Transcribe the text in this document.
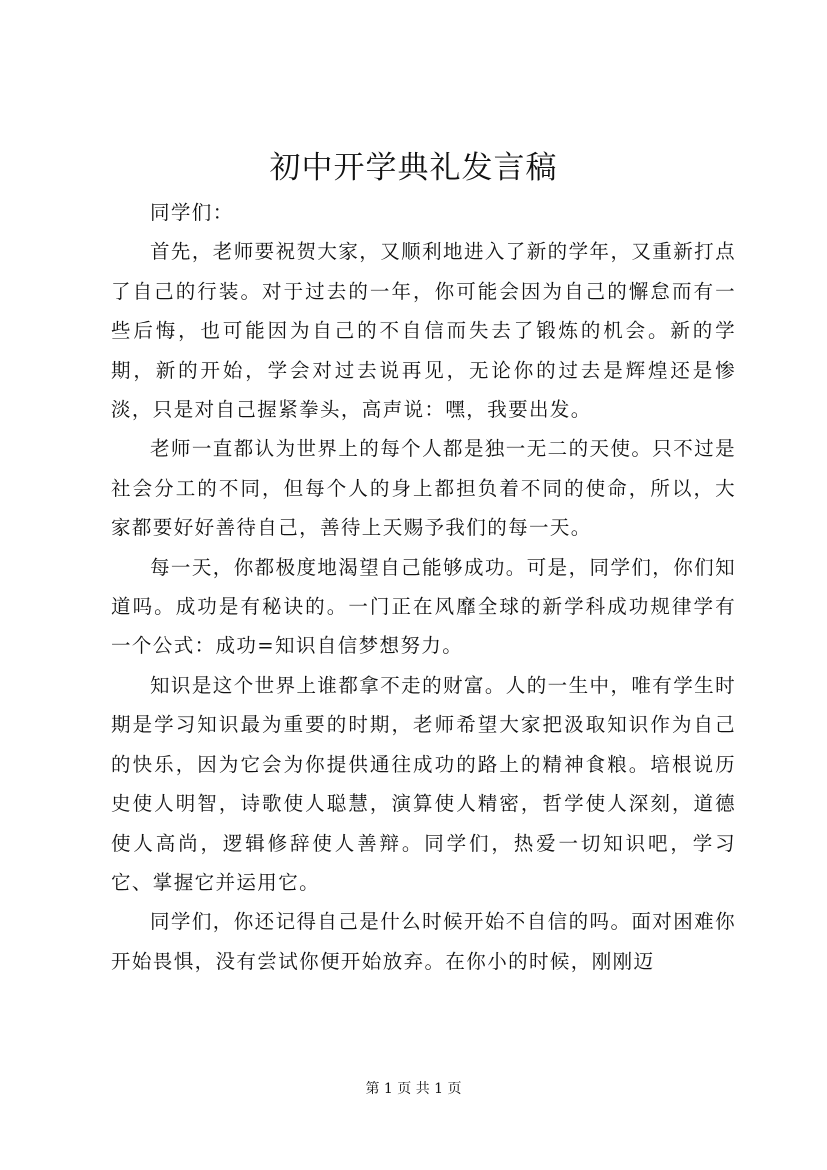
初中开学典礼发言稿

同学们：

首先，老师要祝贺大家，又顺利地进入了新的学年，又重新打点了自己的行装。对于过去的一年，你可能会因为自己的懈怠而有一些后悔，也可能因为自己的不自信而失去了锻炼的机会。新的学期，新的开始，学会对过去说再见，无论你的过去是辉煌还是惨淡，只是对自己握紧拳头，高声说：嘿，我要出发。

老师一直都认为世界上的每个人都是独一无二的天使。只不过是社会分工的不同，但每个人的身上都担负着不同的使命，所以，大家都要好好善待自己，善待上天赐予我们的每一天。

每一天，你都极度地渴望自己能够成功。可是，同学们，你们知道吗。成功是有秘诀的。一门正在风靡全球的新学科成功规律学有一个公式：成功=知识自信梦想努力。

知识是这个世界上谁都拿不走的财富。人的一生中，唯有学生时期是学习知识最为重要的时期，老师希望大家把汲取知识作为自己的快乐，因为它会为你提供通往成功的路上的精神食粮。培根说历史使人明智，诗歌使人聪慧，演算使人精密，哲学使人深刻，道德使人高尚，逻辑修辞使人善辩。同学们，热爱一切知识吧，学习它、掌握它并运用它。

同学们，你还记得自己是什么时候开始不自信的吗。面对困难你开始畏惧，没有尝试你便开始放弃。在你小的时候，刚刚迈

第 1 页 共 1 页
